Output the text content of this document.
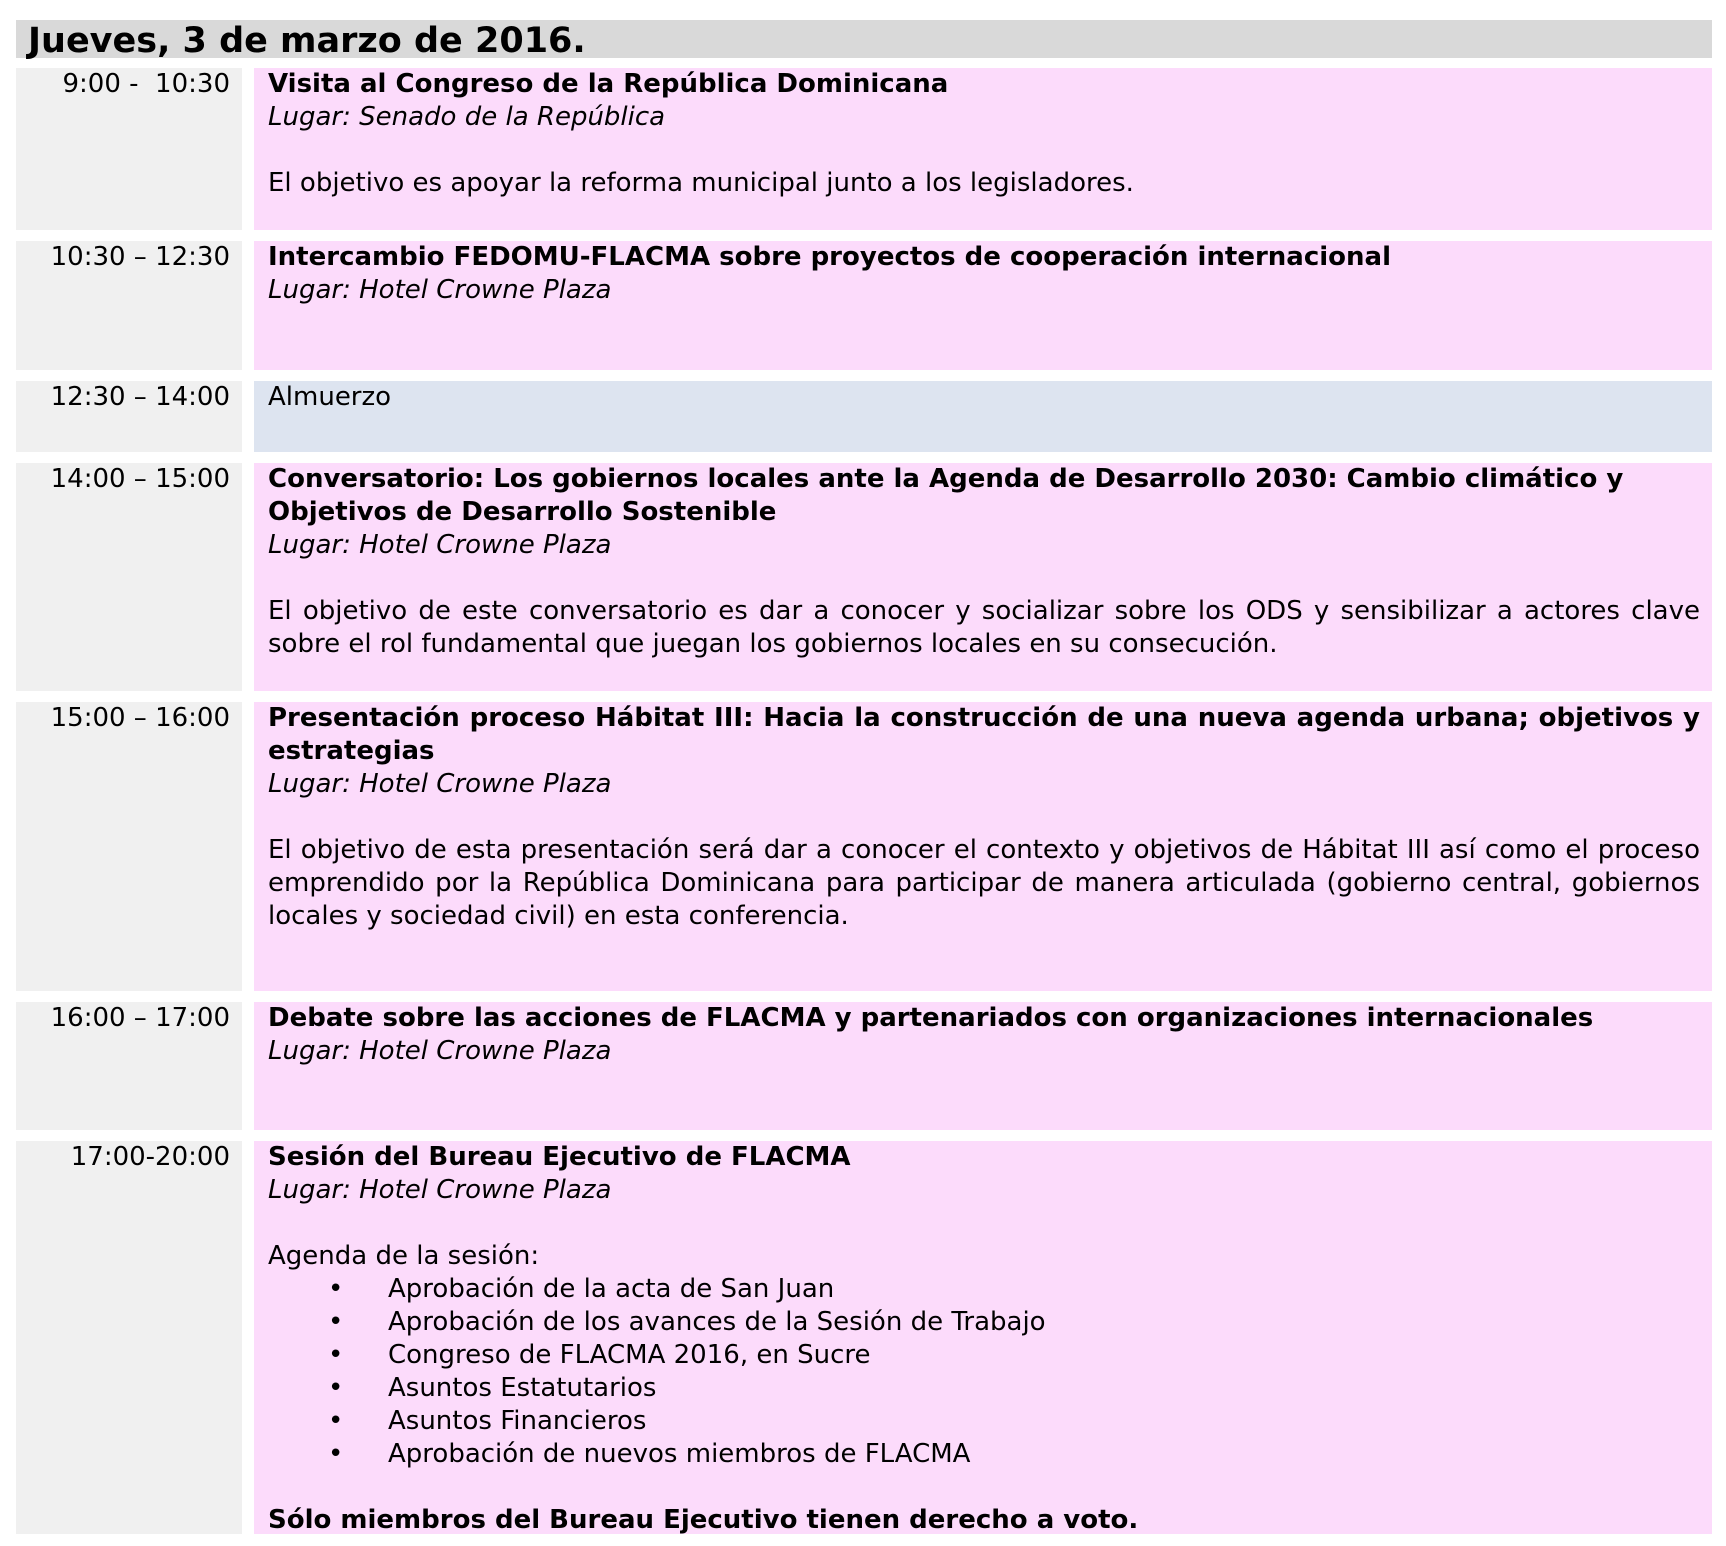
Jueves, 3 de marzo de 2016.
9:00 -  10:30	Visita al Congreso de la República Dominicana
Lugar: Senado de la República
El objetivo es apoyar la reforma municipal junto a los legisladores.
10:30 – 12:30	Intercambio FEDOMU-FLACMA sobre proyectos de cooperación internacional
Lugar: Hotel Crowne Plaza
12:30 – 14:00	Almuerzo
14:00 – 15:00	Conversatorio: Los gobiernos locales ante la Agenda de Desarrollo 2030: Cambio climático y Objetivos de Desarrollo Sostenible
Lugar: Hotel Crowne Plaza
El objetivo de este conversatorio es dar a conocer y socializar sobre los ODS y sensibilizar a actores clave sobre el rol fundamental que juegan los gobiernos locales en su consecución.
15:00 – 16:00	Presentación proceso Hábitat III: Hacia la construcción de una nueva agenda urbana; objetivos y estrategias
Lugar: Hotel Crowne Plaza
El objetivo de esta presentación será dar a conocer el contexto y objetivos de Hábitat III así como el proceso emprendido por la República Dominicana para participar de manera articulada (gobierno central, gobiernos locales y sociedad civil) en esta conferencia.
16:00 – 17:00	Debate sobre las acciones de FLACMA y partenariados con organizaciones internacionales
Lugar: Hotel Crowne Plaza
17:00-20:00	Sesión del Bureau Ejecutivo de FLACMA
Lugar: Hotel Crowne Plaza
Agenda de la sesión:
• Aprobación de la acta de San Juan
• Aprobación de los avances de la Sesión de Trabajo
• Congreso de FLACMA 2016, en Sucre
• Asuntos Estatutarios
• Asuntos Financieros
• Aprobación de nuevos miembros de FLACMA
Sólo miembros del Bureau Ejecutivo tienen derecho a voto.
